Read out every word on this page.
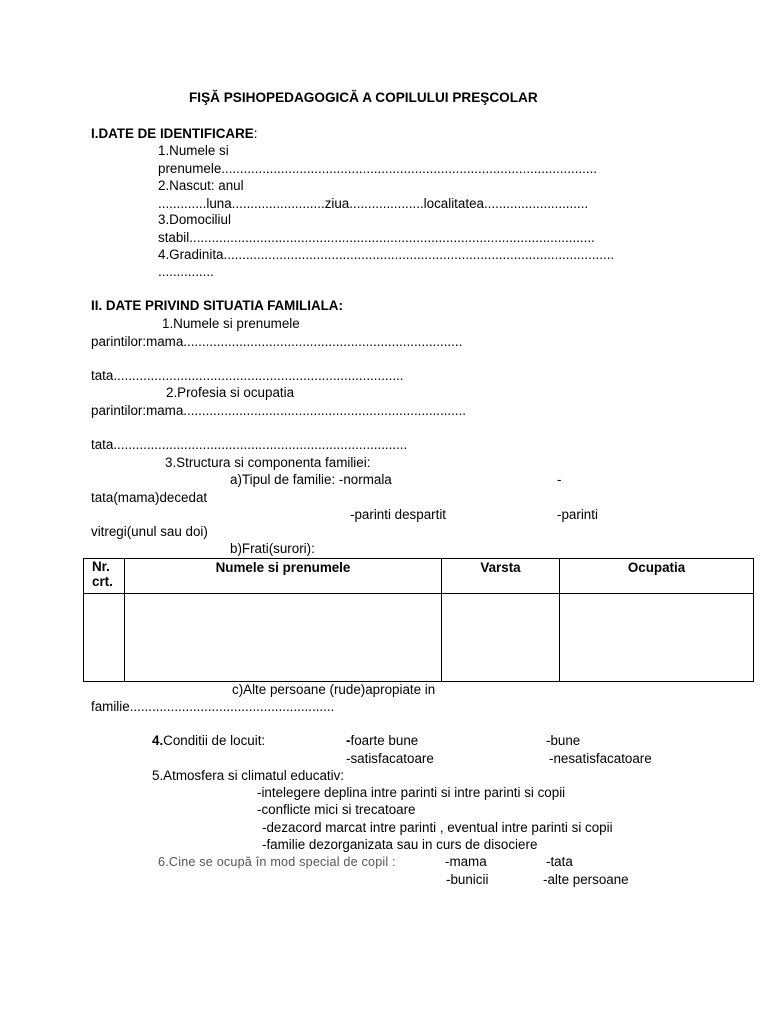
FIŞĂ PSIHOPEDAGOGICĂ A COPILULUI PREŞCOLAR
I.DATE DE IDENTIFICARE:
1.Numele si
prenumele.....................................................................................................
2.Nascut: anul
.............luna.........................ziua....................localitatea............................
3.Domociliul
stabil.............................................................................................................
4.Gradinita.........................................................................................................
...............
II. DATE PRIVIND SITUATIA FAMILIALA:
1.Numele si prenumele
parintilor:mama...........................................................................
tata..............................................................................
2.Profesia si ocupatia
parintilor:mama............................................................................
tata...............................................................................
3.Structura si componenta familiei:
a)Tipul de familie: -normala	-
tata(mama)decedat
-parinti despartit	-parinti
vitregi(unul sau doi)
b)Frati(surori):
Nr.
crt.	Numele si prenumele	Varsta	Ocupatia

c)Alte persoane (rude)apropiate in
familie.......................................................
4.Conditii de locuit:	-foarte bune	-bune
-satisfacatoare	-nesatisfacatoare
5.Atmosfera si climatul educativ:
-intelegere deplina intre parinti si intre parinti si copii
-conflicte mici si trecatoare
-dezacord marcat intre parinti , eventual intre parinti si copii
-familie dezorganizata sau in curs de disociere
6.Cine se ocupă în mod special de copil :	-mama	-tata
-bunicii	-alte persoane
